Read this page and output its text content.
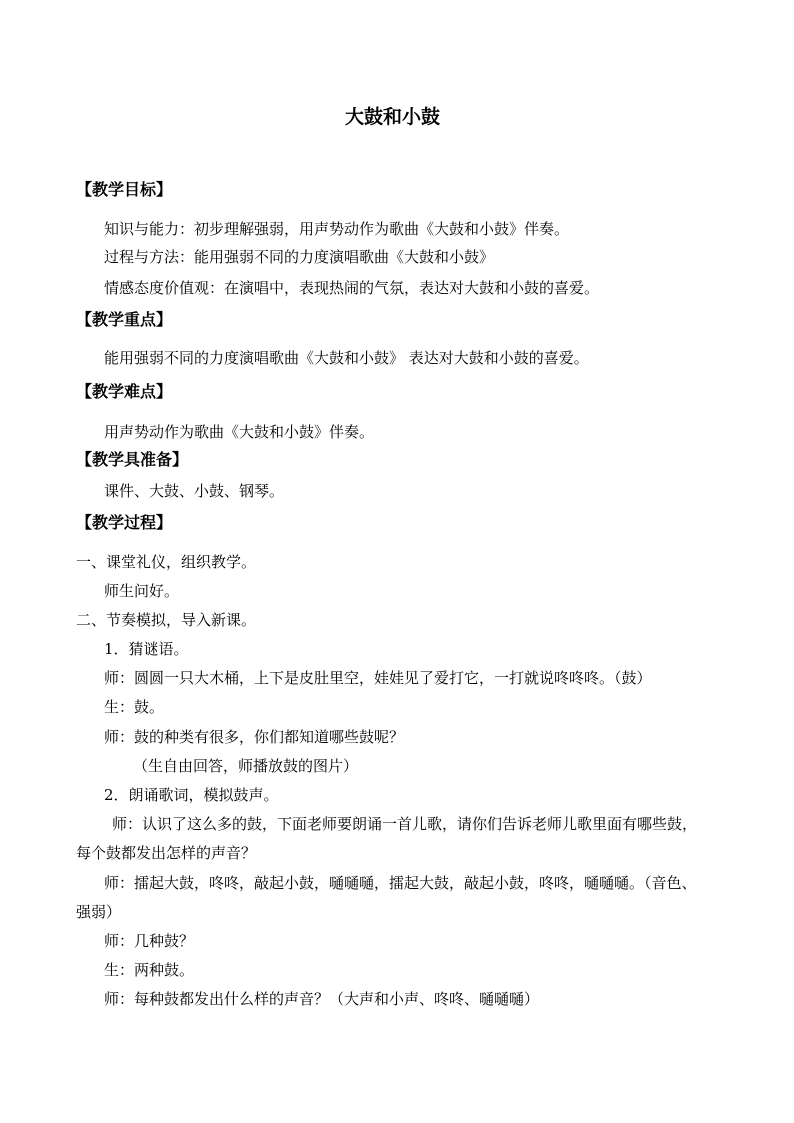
大鼓和小鼓
【教学目标】
知识与能力：初步理解强弱，用声势动作为歌曲《大鼓和小鼓》伴奏。
过程与方法：能用强弱不同的力度演唱歌曲《大鼓和小鼓》
情感态度价值观：在演唱中，表现热闹的气氛，表达对大鼓和小鼓的喜爱。
【教学重点】
能用强弱不同的力度演唱歌曲《大鼓和小鼓》 表达对大鼓和小鼓的喜爱。
【教学难点】
用声势动作为歌曲《大鼓和小鼓》伴奏。
【教学具准备】
课件、大鼓、小鼓、钢琴。
【教学过程】
一、课堂礼仪，组织教学。
师生问好。
二、节奏模拟，导入新课。
1．猜谜语。
师：圆圆一只大木桶，上下是皮肚里空，娃娃见了爱打它，一打就说咚咚咚。（鼓）
生：鼓。
师：鼓的种类有很多，你们都知道哪些鼓呢？
（生自由回答，师播放鼓的图片）
2．朗诵歌词，模拟鼓声。
师：认识了这么多的鼓，下面老师要朗诵一首儿歌，请你们告诉老师儿歌里面有哪些鼓，
每个鼓都发出怎样的声音？
师：擂起大鼓，咚咚，敲起小鼓，嗵嗵嗵，擂起大鼓，敲起小鼓，咚咚，嗵嗵嗵。（音色、
强弱）
师：几种鼓？
生：两种鼓。
师：每种鼓都发出什么样的声音？（大声和小声、咚咚、嗵嗵嗵）
